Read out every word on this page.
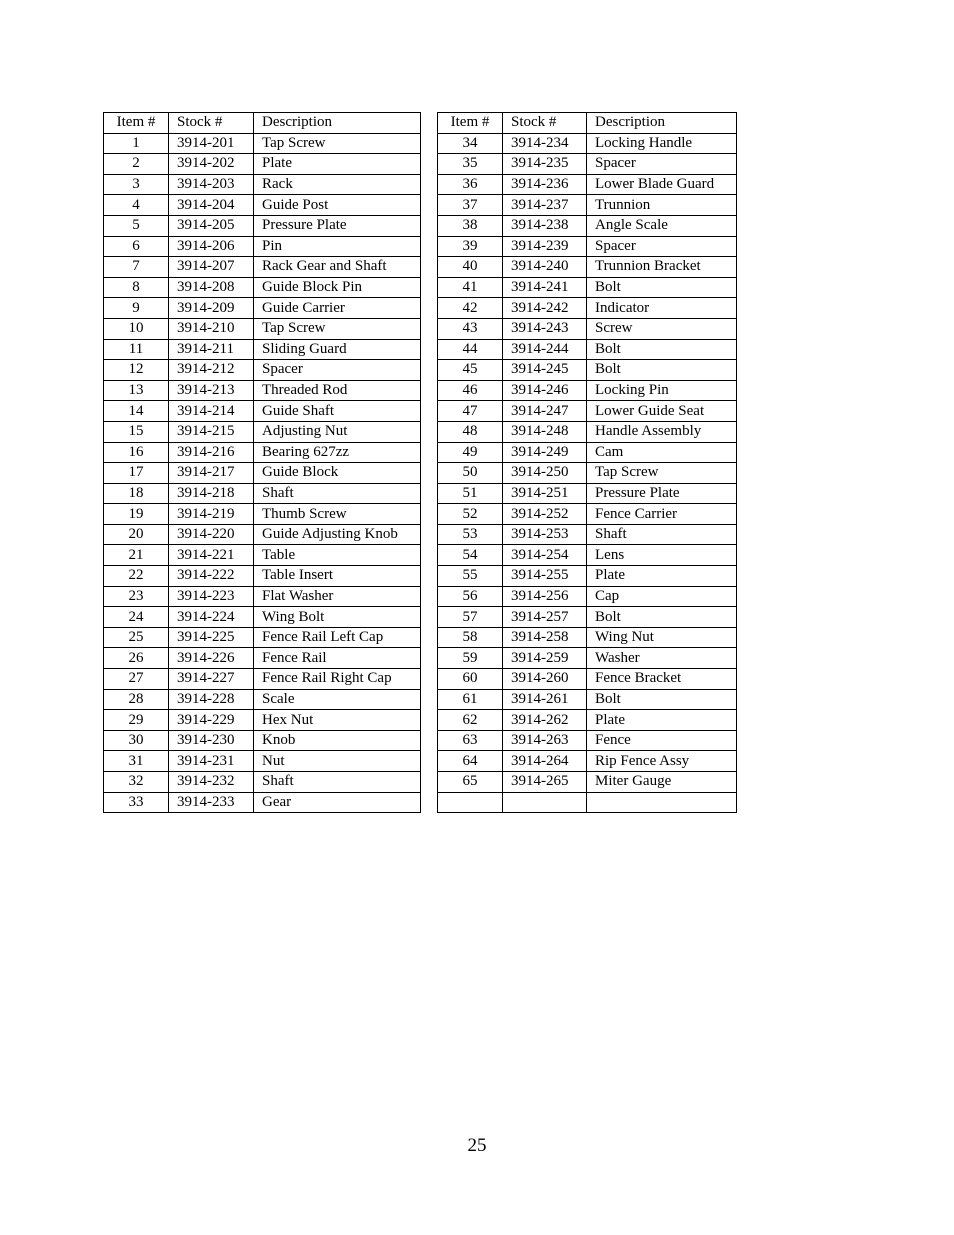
Item #	Stock #	Description
1	3914-201	Tap Screw
2	3914-202	Plate
3	3914-203	Rack
4	3914-204	Guide Post
5	3914-205	Pressure Plate
6	3914-206	Pin
7	3914-207	Rack Gear and Shaft
8	3914-208	Guide Block Pin
9	3914-209	Guide Carrier
10	3914-210	Tap Screw
11	3914-211	Sliding Guard
12	3914-212	Spacer
13	3914-213	Threaded Rod
14	3914-214	Guide Shaft
15	3914-215	Adjusting Nut
16	3914-216	Bearing 627zz
17	3914-217	Guide Block
18	3914-218	Shaft
19	3914-219	Thumb Screw
20	3914-220	Guide Adjusting Knob
21	3914-221	Table
22	3914-222	Table Insert
23	3914-223	Flat Washer
24	3914-224	Wing Bolt
25	3914-225	Fence Rail Left Cap
26	3914-226	Fence Rail
27	3914-227	Fence Rail Right Cap
28	3914-228	Scale
29	3914-229	Hex Nut
30	3914-230	Knob
31	3914-231	Nut
32	3914-232	Shaft
33	3914-233	Gear
Item #	Stock #	Description
34	3914-234	Locking Handle
35	3914-235	Spacer
36	3914-236	Lower Blade Guard
37	3914-237	Trunnion
38	3914-238	Angle Scale
39	3914-239	Spacer
40	3914-240	Trunnion Bracket
41	3914-241	Bolt
42	3914-242	Indicator
43	3914-243	Screw
44	3914-244	Bolt
45	3914-245	Bolt
46	3914-246	Locking Pin
47	3914-247	Lower Guide Seat
48	3914-248	Handle Assembly
49	3914-249	Cam
50	3914-250	Tap Screw
51	3914-251	Pressure Plate
52	3914-252	Fence Carrier
53	3914-253	Shaft
54	3914-254	Lens
55	3914-255	Plate
56	3914-256	Cap
57	3914-257	Bolt
58	3914-258	Wing Nut
59	3914-259	Washer
60	3914-260	Fence Bracket
61	3914-261	Bolt
62	3914-262	Plate
63	3914-263	Fence
64	3914-264	Rip Fence Assy
65	3914-265	Miter Gauge

25
